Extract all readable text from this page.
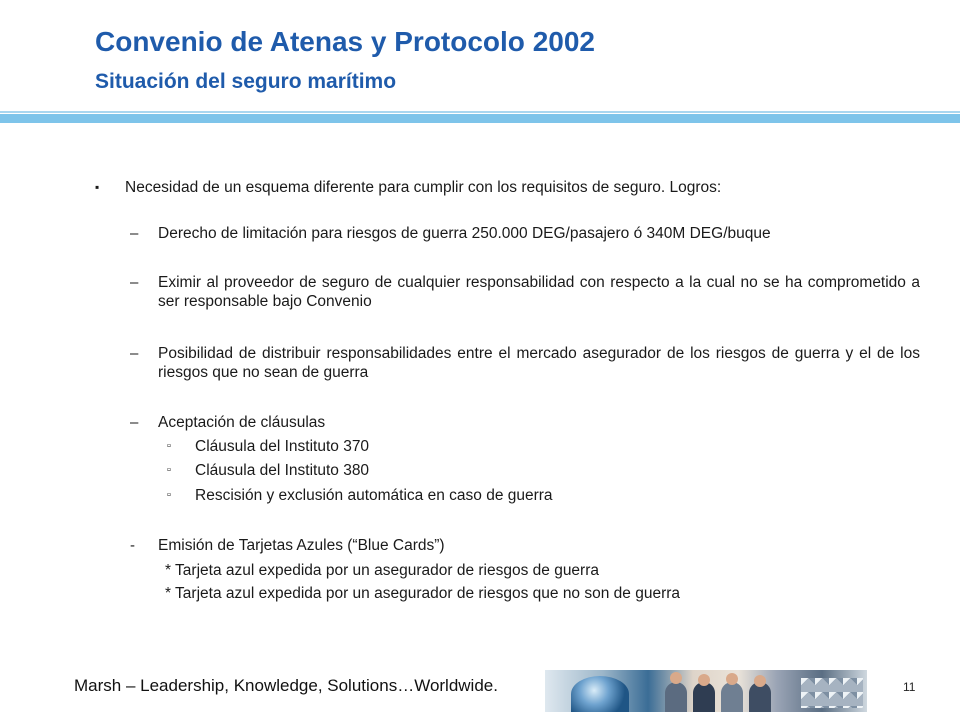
Convenio de Atenas y Protocolo 2002
Situación del seguro marítimo
▪	Necesidad de un esquema diferente para cumplir con los requisitos de seguro. Logros:
–	Derecho de limitación para riesgos de guerra 250.000 DEG/pasajero ó 340M DEG/buque
–	Eximir al proveedor de seguro de cualquier responsabilidad con respecto a la cual no se ha comprometido a ser responsable bajo Convenio
–	Posibilidad de distribuir responsabilidades entre el mercado asegurador de los riesgos de guerra y el de los riesgos que no sean de guerra
–	Aceptación de cláusulas
▫	Cláusula del Instituto 370
▫	Cláusula del Instituto 380
▫	Rescisión y exclusión automática en caso de guerra
-	Emisión de Tarjetas Azules (“Blue Cards”)
* Tarjeta azul expedida por un asegurador de riesgos de guerra
* Tarjeta azul expedida por un asegurador de riesgos que no son de guerra
Marsh – Leadership, Knowledge, Solutions…Worldwide.	11
